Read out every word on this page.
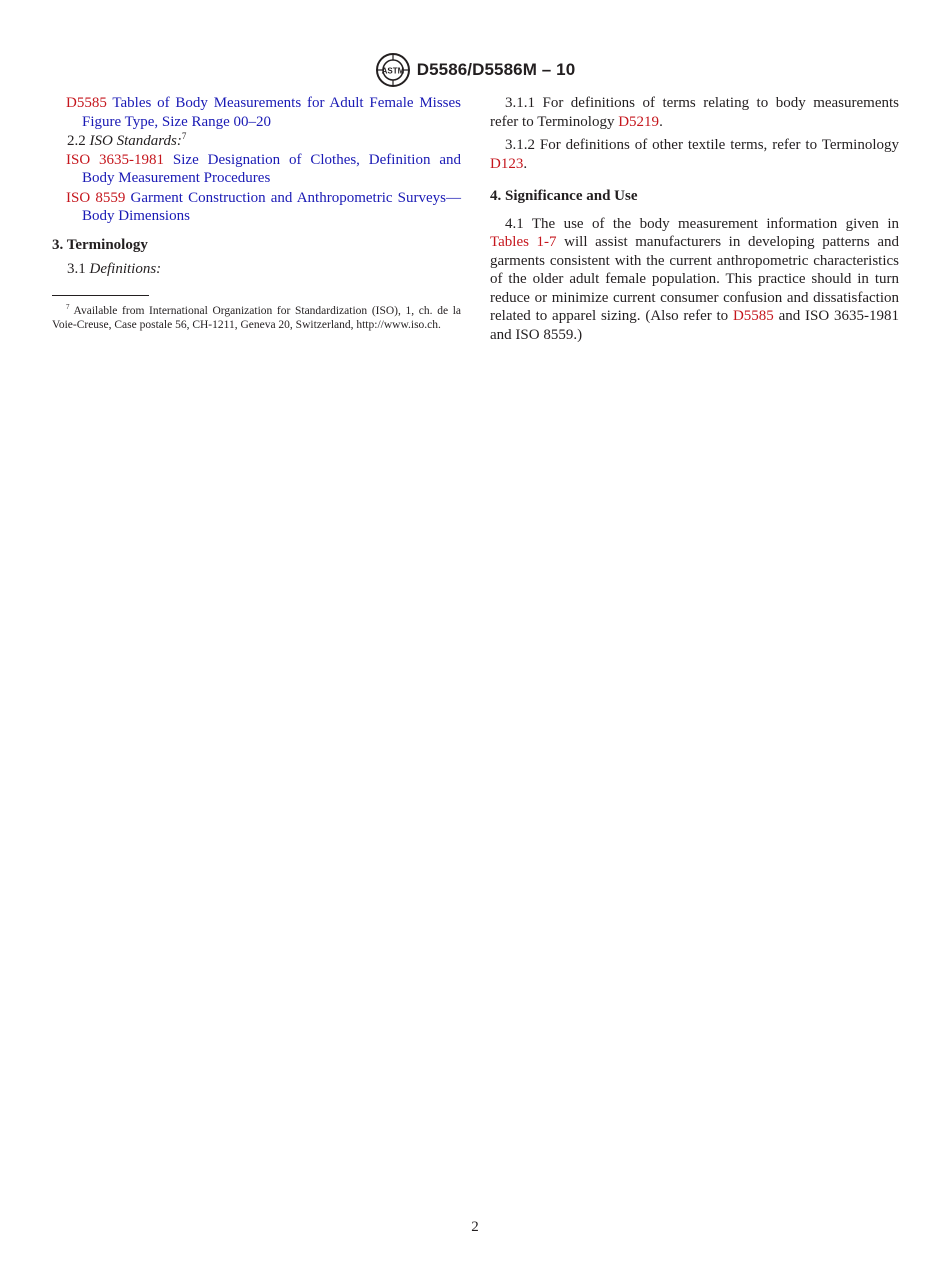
ASTM D5586/D5586M – 10

D5585 Tables of Body Measurements for Adult Female Misses Figure Type, Size Range 00–20

2.2 ISO Standards:$^7$

ISO 3635-1981 Size Designation of Clothes, Definition and Body Measurement Procedures

ISO 8559 Garment Construction and Anthropometric Surveys—Body Dimensions

3. Terminology

3.1 Definitions:

$^7$ Available from International Organization for Standardization (ISO), 1, ch. de la Voie-Creuse, Case postale 56, CH-1211, Geneva 20, Switzerland, http://www.iso.ch.

3.1.1 For definitions of terms relating to body measurements refer to Terminology D5219.

3.1.2 For definitions of other textile terms, refer to Terminology D123.

4. Significance and Use

4.1 The use of the body measurement information given in Tables 1-7 will assist manufacturers in developing patterns and garments consistent with the current anthropometric characteristics of the older adult female population. This practice should in turn reduce or minimize current consumer confusion and dissatisfaction related to apparel sizing. (Also refer to D5585 and ISO 3635-1981 and ISO 8559.)

2
